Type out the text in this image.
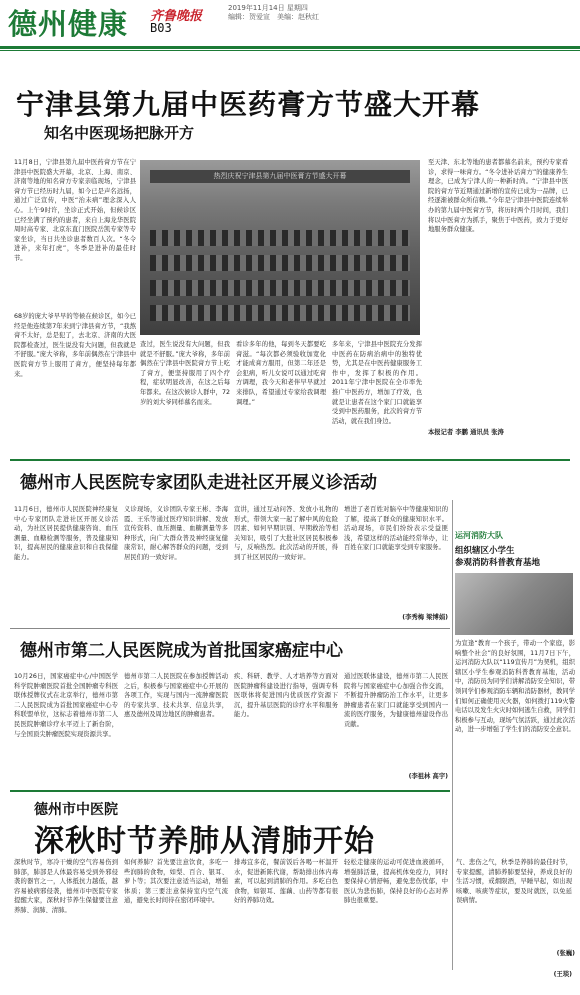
德州健康 齐鲁晚报
B03
2019年11月14日 星期四
编辑：贺爱宣　美编：赵秋红
宁津县第九届中医药膏方节盛大开幕
知名中医现场把脉开方
11月8日，宁津县第九届中医药膏方节在宁津县中医院盛大开幕，北京、上海、南京、济南等地的知名膏方专家亲临现场，宁津县膏方节已经历时九届，如今已是声名远扬，通过广泛宣传，中医“治未病”理念深入人心。上午9时许，坐诊正式开始，但候诊区已经坐满了预约的患者，来自上海龙华医院周时高专家、北京东直门医院岳凯专家等专家坐诊，当日共坐诊患者数百人次。“冬令进补，来年打虎”，冬季是进补的最佳时节。
68岁的庞大爷早早的等候在候诊区，如今已经是他连续第7年来到宁津县膏方节，“我熬膏不太好，总是犯了，去北京、济南的大医院都检查过，医生说没有大问题，但我就是不舒服。”庞大爷称，多年前偶然在宁津县中医院膏方节上服用了膏方，便坚持每年都来。
热烈庆祝宁津县第九届中医膏方节盛大开幕
查过，医生说没有大问题，但我就是不舒服。”庞大爷称，多年前偶然在宁津县中医院膏方节上吃了膏方，便坚持服用了四个疗程，症状明显改善，在这之后每年都来。在这次候诊人群中，72岁的刘大爷同样慕名而来。
看诊多年的他，每到冬天都要吃膏滋。“每次都必须验收加宽化才能成膏方服用，但第二年还是会犯病，听儿女说可以通过吃膏方调理，我今天和老伴早早就过来排队，希望通过专家给我调理调理。”
多年来，宁津县中医院充分发挥中医药在防病治病中的独特优势，尤其是在中医药健康服务工作中，发挥了积极的作用。2011年宁津中医院在全市率先推广中医药方，增加了疗效，也就是让患者在这个家门口就能享受到中医药服务，此次的膏方节活动，就在我们身边。
至天津、东北等地的患者都慕名前来，预约专家看诊，求得一味膏方。“冬令进补话膏方”的健康养生理念，已成为宁津人的一种新时尚。“宁津县中医院的膏方节近期通过新增的宣传已成为一品牌，已经逐渐被群众所信赖。”今年是宁津县中医院连续举办的第九届中医膏方节，将历时两个月时间，我们将以中医膏方为抓手，聚焦于中医药，致力于更好地服务群众健康。
本报记者 李鹏 通讯员 张涛
德州市人民医院专家团队走进社区开展义诊活动
11月6日，德州市人民医院神经康复中心专家团队走进社区开展义诊活动，为社区居民提供健康咨询、血压测量、血糖检测等服务，普及健康知识，提高居民的健康意识和自我保健能力。
义诊现场，义诊团队专家王彬、李海霞、王乐等通过医疗知识讲解、发放宣传资料、血压测量、血糖测量等多种形式，向广大群众普及神经康复健康常识，耐心解答群众的问题，受到居民们的一致好评。
宣讲，通过互动问答、发放小礼物的形式，带领大家一起了解中风的危险因素、如何早期识别、早期救治等相关知识，吸引了大批社区居民积极参与，反响热烈。此次活动的开展，得到了社区居民的一致好评。
增进了老百姓对脑卒中等健康知识的了解，提高了群众的健康知识水平。活动现场，市民们纷纷表示受益匪浅，希望这样的活动能经常举办，让百姓在家门口就能享受到专家服务。
(李秀梅 梁博娟)
运河消防大队
组织辖区小学生
参观消防科普教育基地
为宣逢“教育一个孩子，带动一个家庭，影响整个社会”的良好氛围，11月7日下午，运河消防大队以“119宣传月”为契机，组织辖区小学生参观消防科普教育基地，活动中，消防员为同学们讲解消防安全知识，带领同学们参观消防车辆和消防器材，教同学们如何正确使用灭火器，如何拨打119火警电话以及发生火灾时如何逃生自救，同学们积极参与互动，现场气氛活跃，通过此次活动，进一步增强了学生们的消防安全意识。
(张巍)
德州市第二人民医院成为首批国家癌症中心
10月26日，国家癌症中心/中国医学科学院肿瘤医院首批全国肿瘤专科医联体授牌仪式在北京举行，德州市第二人民医院成为首批国家癌症中心专科联盟单位，这标志着德州市第二人民医院肿瘤诊疗水平迈上了新台阶，与全国顶尖肿瘤医院实现资源共享。
德州市第二人民医院在参加授牌活动之后，积极参与国家癌症中心开展的各项工作，实现与国内一流肿瘤医院的专家共享、技术共享、信息共享，惠及德州及周边地区的肿瘤患者。
疾、科研、教学、人才培养等方面对医院肿瘤科建设进行指导，强调专科医联体将促进国内优质医疗资源下沉，提升基层医院的诊疗水平和服务能力。
通过医联体建设，德州市第二人民医院将与国家癌症中心加强合作交流，不断提升肿瘤防治工作水平，让更多肿瘤患者在家门口就能享受到国内一流的医疗服务，为健康德州建设作出贡献。
(李祖林 高宇)
德州市中医院
深秋时节养肺从清肺开始
深秋时节，寒冷干燥的空气容易伤到肺部，肺部是人体最容易受到外邪侵袭的器官之一，人体抵抗力越低，越容易被病邪侵袭，德州市中医院专家提醒大家，深秋时节养生保健要注意养肺、润肺、清肺。
如何养肺？首先要注意饮食，多吃一些润肺的食物，如梨、百合、银耳、萝卜等；其次要注意适当运动，增强体质；第三要注意保持室内空气流通，避免长时间待在密闭环境中。
排毒宜多花，餐前饭后各喝一杯温开水，促进新陈代谢，帮助排出体内毒素，可以起到清肺的作用。多吃白色食物，如银耳、莲藕、山药等都有很好的养肺功效。
轻松走健康的运动可促进血液循环，增强肺活量，提高机体免疫力，同时要保持心情舒畅，避免悲伤忧郁，中医认为悲伤肺，保持良好的心态对养肺也很重要。
气、悲伤之气，秋季是养肺的最佳时节，专家提醒，清肺养肺要坚持，养成良好的生活习惯，戒烟限酒，早睡早起，如出现咳嗽、咳痰等症状，要及时就医，以免延误病情。
(王琰)
